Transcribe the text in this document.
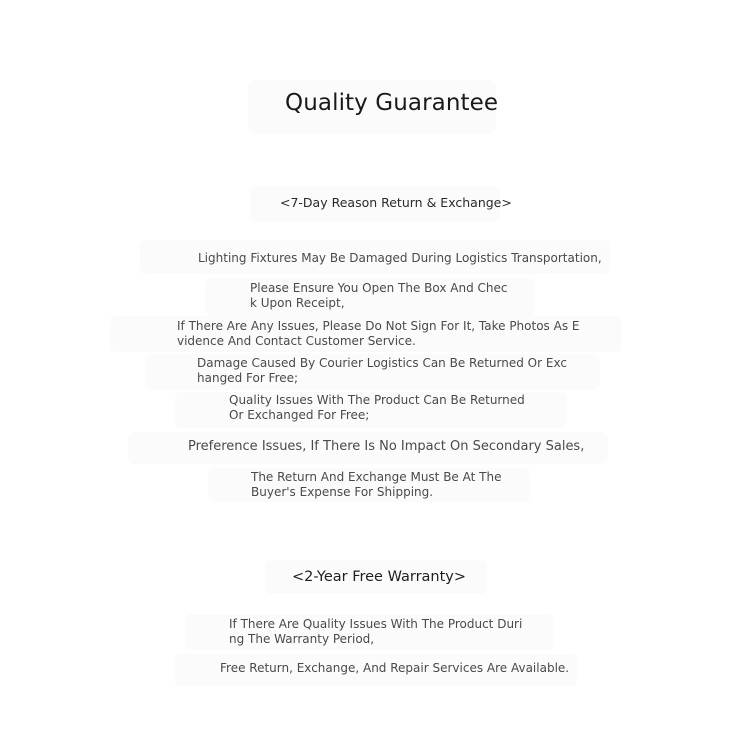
Quality Guarantee
<7-Day Reason Return & Exchange>
Lighting Fixtures May Be Damaged During Logistics Transportation,
Please Ensure You Open The Box And Chec
k Upon Receipt,
If There Are Any Issues, Please Do Not Sign For It, Take Photos As E
vidence And Contact Customer Service.
Damage Caused By Courier Logistics Can Be Returned Or Exc
hanged For Free;
Quality Issues With The Product Can Be Returned
Or Exchanged For Free;
Preference Issues, If There Is No Impact On Secondary Sales,
The Return And Exchange Must Be At The
Buyer's Expense For Shipping.
<2-Year Free Warranty>
If There Are Quality Issues With The Product Duri
ng The Warranty Period,
Free Return, Exchange, And Repair Services Are Available.
